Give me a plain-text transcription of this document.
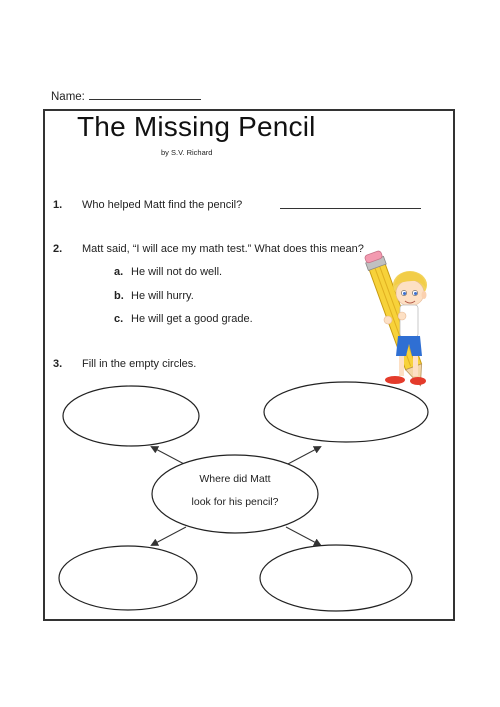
Name:
The Missing Pencil
by S.V. Richard
1. Who helped Matt find the pencil?
2. Matt said, “I will ace my math test.” What does this mean?
a. He will not do well.
b. He will hurry.
c. He will get a good grade.
3. Fill in the empty circles.
Where did Matt
look for his pencil?
